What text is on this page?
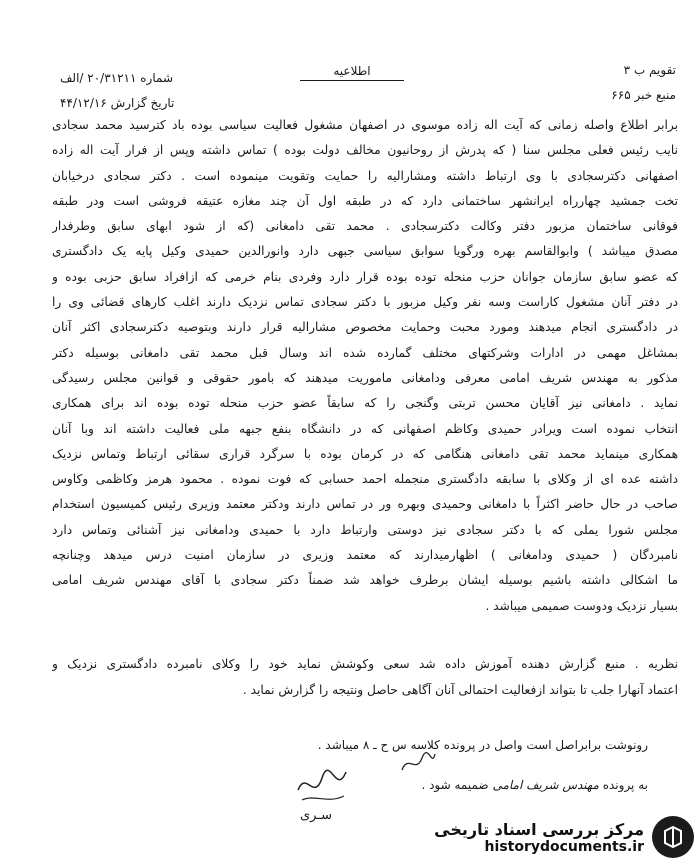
تقویم ب ۳
منبع خبر ۶۶۵
اطلاعیه
شماره ۲۰/۳۱۲۱۱ /الف
تاریخ گزارش ۴۴/۱۲/۱۶
برابر اطلاع واصله زمانی که آیت اله زاده موسوی در اصفهان مشغول فعالیت سیاسی بوده باد کترسید محمد سجادی
نایب رئیس فعلی مجلس سنا ( که پدرش از روحانیون مخالف دولت بوده ) تماس داشته وپس از فرار آیت اله زاده
اصفهانی دکترسجادی با وی ارتباط داشته ومشارالیه را حمایت وتقویت مینموده است . دکتر سجادی درخیابان
تخت جمشید چهارراه ایرانشهر ساختمانی دارد که در طبقه اول آن چند مغازه عتیقه فروشی است ودر طبقه
فوقانی ساختمان مزبور دفتر وکالت دکترسجادی . محمد تقی دامغانی (که از شود ابهای سابق وطرفدار
مصدق میباشد ) وابوالقاسم بهره ورگویا سوابق سیاسی جبهی دارد وانورالدین حمیدی وکیل پایه یک دادگستری
که عضو سابق سازمان جوانان حزب منحله توده بوده قرار دارد وفردی بنام خرمی که ازافراد سابق حزبی بوده و
در دفتر آنان مشغول کاراست وسه نفر وکیل مزبور با دکتر سجادی تماس نزدیک دارند اغلب کارهای قضائی وی را
در دادگستری انجام میدهند ومورد محبت وحمایت مخصوص مشارالیه قرار دارند وبتوصیه دکترسجادی اکثر آنان
بمشاغل مهمی در ادارات وشرکتهای مختلف گمارده شده اند وسال قبل محمد تقی دامغانی بوسیله دکتر
مذکور به مهندس شریف امامی معرفی ودامغانی ماموریت میدهند که بامور حقوقی و قوانین مجلس رسیدگی
نماید . دامغانی نیز آقایان محسن تربتی وگنجی را که سابقاً عضو حزب منحله توده بوده اند برای همکاری
انتخاب نموده است ویرادر حمیدی وکاظم اصفهانی که در دانشگاه بنفع جبهه ملی فعالیت داشته اند وبا آنان
همکاری مینماید محمد تقی دامغانی هنگامی که در کرمان بوده با سرگرد قراری سقائی ارتباط وتماس نزدیک
داشته عده ای از وکلای با سابقه دادگستری منجمله احمد حسابی که فوت نموده . محمود هرمز وکاظمی وکاوس
صاحب در حال حاضر اکثراً با دامغانی وحمیدی وبهره ور در تماس دارند ودکتر معتمد وزیری رئیس کمیسیون استخدام
مجلس شورا یملی که با دکتر سجادی نیز دوستی وارتباط دارد با حمیدی ودامغانی نیز آشنائی وتماس دارد
نامبردگان ( حمیدی ودامغانی ) اظهارمیدارند که معتمد وزیری در سازمان امنیت درس میدهد وچنانچه
ما اشکالی داشته باشیم بوسیله ایشان برطرف خواهد شد ضمناً دکتر سجادی با آقای مهندس شریف امامی
بسیار نزدیک ودوست صمیمی میباشد .
نظریه . منبع گزارش دهنده آموزش داده شد سعی وکوشش نماید خود را وکلای نامبرده دادگستری نزدیک و
اعتماد آنهارا جلب تا بتواند ازفعالیت احتمالی آنان آگاهی حاصل ونتیجه را گزارش نماید .
رونوشت برابراصل است واصل در پرونده کلاسه س ح ـ ۸ میباشد .
به پرونده مهندس شریف امامی ضمیمه شود .
سـری
مرکز بررسی اسناد تاریخی
historydocuments.ir
